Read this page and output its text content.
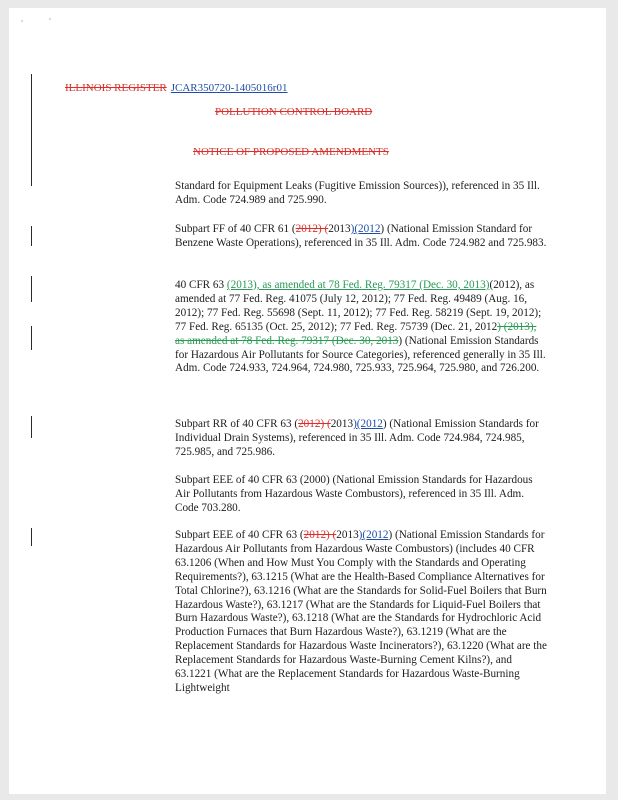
ILLINOIS REGISTER JCAR350720-1405016r01
POLLUTION CONTROL BOARD
NOTICE OF PROPOSED AMENDMENTS
Standard for Equipment Leaks (Fugitive Emission Sources)), referenced in 35 Ill. Adm. Code 724.989 and 725.990.
Subpart FF of 40 CFR 61 (2012) (2013)(2012) (National Emission Standard for Benzene Waste Operations), referenced in 35 Ill. Adm. Code 724.982 and 725.983.
40 CFR 63 (2013), as amended at 78 Fed. Reg. 79317 (Dec. 30, 2013)(2012), as amended at 77 Fed. Reg. 41075 (July 12, 2012); 77 Fed. Reg. 49489 (Aug. 16, 2012); 77 Fed. Reg. 55698 (Sept. 11, 2012); 77 Fed. Reg. 58219 (Sept. 19, 2012); 77 Fed. Reg. 65135 (Oct. 25, 2012); 77 Fed. Reg. 75739 (Dec. 21, 2012) (2013), as amended at 78 Fed. Reg. 79317 (Dec. 30, 2013) (National Emission Standards for Hazardous Air Pollutants for Source Categories), referenced generally in 35 Ill. Adm. Code 724.933, 724.964, 724.980, 725.933, 725.964, 725.980, and 726.200.
Subpart RR of 40 CFR 63 (2012) (2013)(2012) (National Emission Standards for Individual Drain Systems), referenced in 35 Ill. Adm. Code 724.984, 724.985, 725.985, and 725.986.
Subpart EEE of 40 CFR 63 (2000) (National Emission Standards for Hazardous Air Pollutants from Hazardous Waste Combustors), referenced in 35 Ill. Adm. Code 703.280.
Subpart EEE of 40 CFR 63 (2012) (2013)(2012) (National Emission Standards for Hazardous Air Pollutants from Hazardous Waste Combustors) (includes 40 CFR 63.1206 (When and How Must You Comply with the Standards and Operating Requirements?), 63.1215 (What are the Health-Based Compliance Alternatives for Total Chlorine?), 63.1216 (What are the Standards for Solid-Fuel Boilers that Burn Hazardous Waste?), 63.1217 (What are the Standards for Liquid-Fuel Boilers that Burn Hazardous Waste?), 63.1218 (What are the Standards for Hydrochloric Acid Production Furnaces that Burn Hazardous Waste?), 63.1219 (What are the Replacement Standards for Hazardous Waste Incinerators?), 63.1220 (What are the Replacement Standards for Hazardous Waste-Burning Cement Kilns?), and 63.1221 (What are the Replacement Standards for Hazardous Waste-Burning Lightweight
